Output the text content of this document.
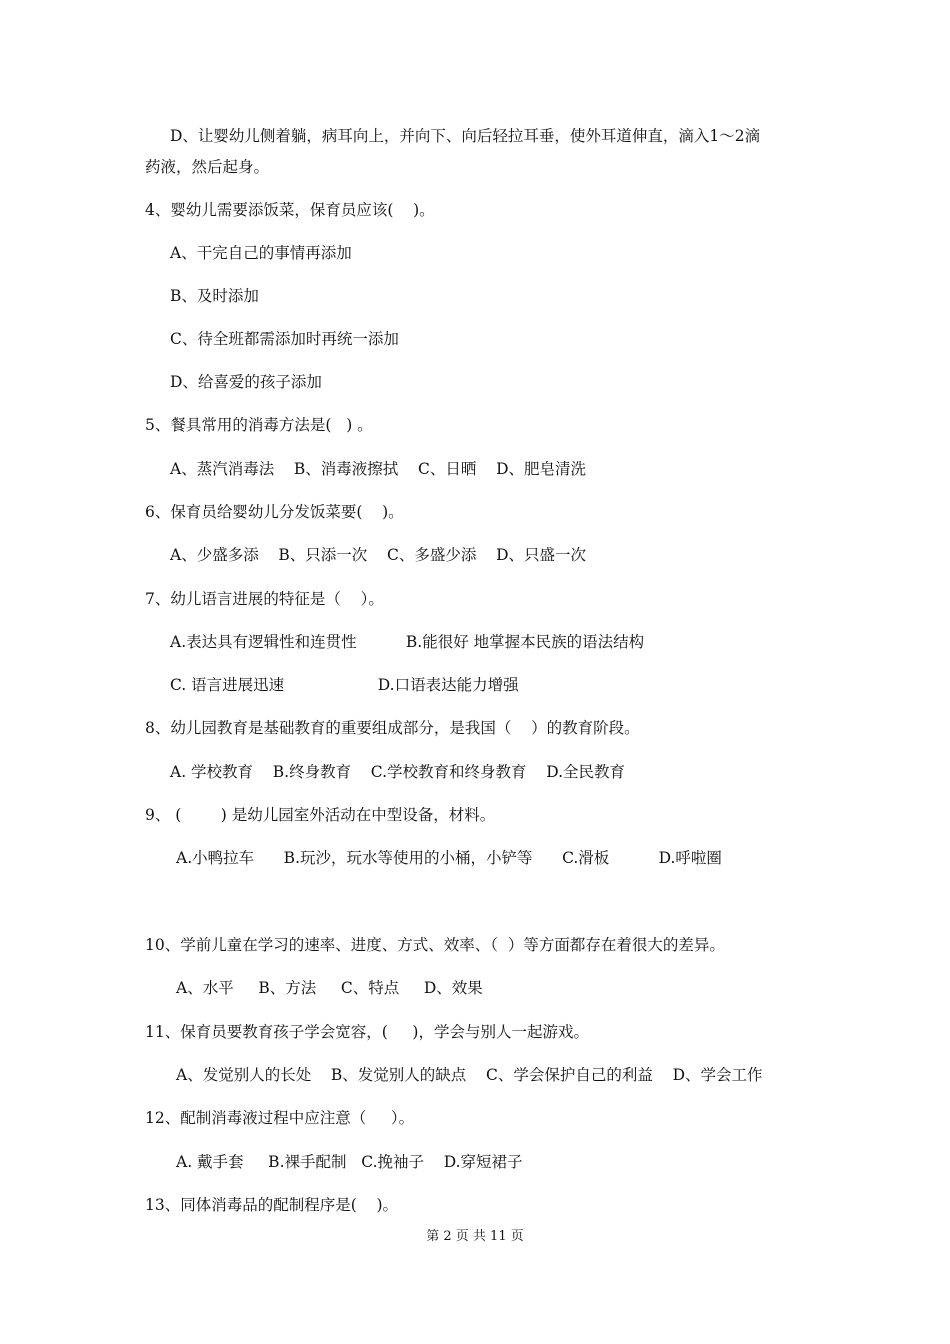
D、让婴幼儿侧着躺，病耳向上，并向下、向后轻拉耳垂，使外耳道伸直，滴入1～2滴
药液，然后起身。
4、婴幼儿需要添饭菜，保育员应该(    )。
A、干完自己的事情再添加
B、及时添加
C、待全班都需添加时再统一添加
D、给喜爱的孩子添加
5、餐具常用的消毒方法是(   ) 。
A、蒸汽消毒法    B、消毒液擦拭    C、日晒    D、肥皂清洗
6、保育员给婴幼儿分发饭菜要(    )。
A、少盛多添    B、只添一次    C、多盛少添    D、只盛一次
7、幼儿语言进展的特征是（    ）。
A.表达具有逻辑性和连贯性          B.能很好 地掌握本民族的语法结构
C. 语言进展迅速                   D.口语表达能力增强
8、幼儿园教育是基础教育的重要组成部分，是我国（    ）的教育阶段。
A. 学校教育    B.终身教育    C.学校教育和终身教育    D.全民教育
9、 (        ) 是幼儿园室外活动在中型设备，材料。
A.小鸭拉车      B.玩沙，玩水等使用的小桶，小铲等      C.滑板          D.呼啦圈
10、学前儿童在学习的速率、进度、方式、效率、（  ）等方面都存在着很大的差异。
A、水平     B、方法     C、特点     D、效果
11、保育员要教育孩子学会宽容，(     )，学会与别人一起游戏。
A、发觉别人的长处    B、发觉别人的缺点    C、学会保护自己的利益    D、学会工作
12、配制消毒液过程中应注意（     ）。
A. 戴手套     B.裸手配制   C.挽袖子    D.穿短裙子
13、同体消毒品的配制程序是(    )。
第 2 页 共 11 页
